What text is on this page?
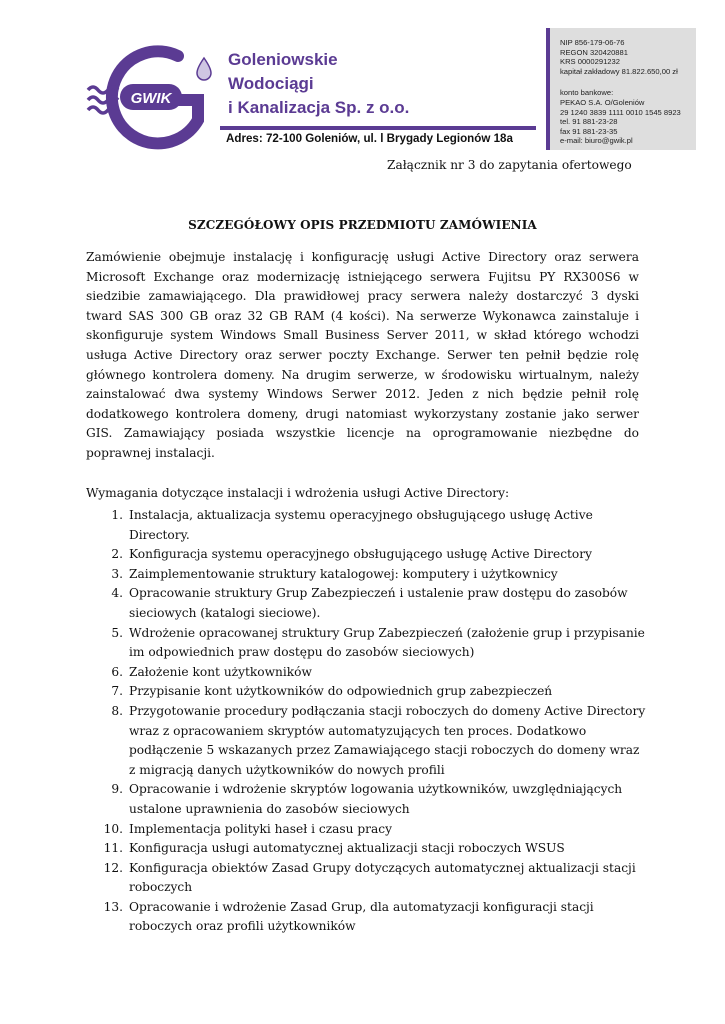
GWIK
Goleniowskie
Wodociągi
i Kanalizacja Sp. z o.o.
Adres: 72-100 Goleniów, ul. l Brygady Legionów 18a
NIP 856-179-06-76
REGON 320420881
KRS 0000291232
kapitał zakładowy 81.822.650,00 zł
konto bankowe:
PEKAO S.A. O/Goleniów
29 1240 3839 1111 0010 1545 8923
tel. 91 881-23-28
fax 91 881-23-35
e-mail: biuro@gwik.pl
Załącznik nr 3 do zapytania ofertowego
SZCZEGÓŁOWY OPIS PRZEDMIOTU ZAMÓWIENIA
Zamówienie obejmuje instalację i konfigurację usługi Active Directory oraz serwera Microsoft Exchange oraz modernizację istniejącego serwera Fujitsu PY RX300S6 w siedzibie zamawiającego. Dla prawidłowej pracy serwera należy dostarczyć 3 dyski tward SAS 300 GB oraz 32 GB RAM (4 kości). Na serwerze Wykonawca zainstaluje i skonfiguruje system Windows Small Business Server 2011, w skład którego wchodzi usługa Active Directory oraz serwer poczty Exchange. Serwer ten pełnił będzie rolę głównego kontrolera domeny. Na drugim serwerze, w środowisku wirtualnym, należy zainstalować dwa systemy Windows Serwer 2012. Jeden z nich będzie pełnił rolę dodatkowego kontrolera domeny, drugi natomiast wykorzystany zostanie jako serwer GIS. Zamawiający posiada wszystkie licencje na oprogramowanie niezbędne do poprawnej instalacji.
Wymagania dotyczące instalacji i wdrożenia usługi Active Directory:
1. Instalacja, aktualizacja systemu operacyjnego obsługującego usługę Active Directory.
2. Konfiguracja systemu operacyjnego obsługującego usługę Active Directory
3. Zaimplementowanie struktury katalogowej: komputery i użytkownicy
4. Opracowanie struktury Grup Zabezpieczeń i ustalenie praw dostępu do zasobów sieciowych (katalogi sieciowe).
5. Wdrożenie opracowanej struktury Grup Zabezpieczeń (założenie grup i przypisanie im odpowiednich praw dostępu do zasobów sieciowych)
6. Założenie kont użytkowników
7. Przypisanie kont użytkowników do odpowiednich grup zabezpieczeń
8. Przygotowanie procedury podłączania stacji roboczych do domeny Active Directory wraz z opracowaniem skryptów automatyzujących ten proces. Dodatkowo podłączenie 5 wskazanych przez Zamawiającego stacji roboczych do domeny wraz z migracją danych użytkowników do nowych profili
9. Opracowanie i wdrożenie skryptów logowania użytkowników, uwzględniających ustalone uprawnienia do zasobów sieciowych
10. Implementacja polityki haseł i czasu pracy
11. Konfiguracja usługi automatycznej aktualizacji stacji roboczych WSUS
12. Konfiguracja obiektów Zasad Grupy dotyczących automatycznej aktualizacji stacji roboczych
13. Opracowanie i wdrożenie Zasad Grup, dla automatyzacji konfiguracji stacji roboczych oraz profili użytkowników
